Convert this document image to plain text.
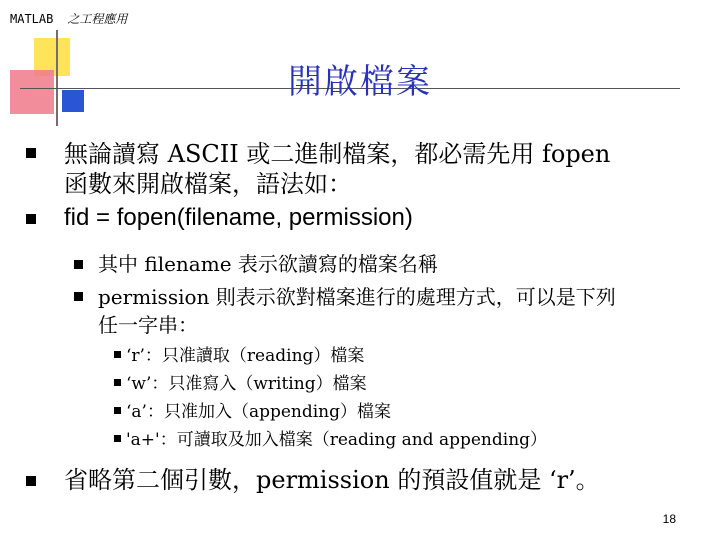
MATLAB 之工程應用
開啟檔案
無論讀寫 ASCII 或二進制檔案，都必需先用 fopen
函數來開啟檔案，語法如：
fid = fopen(filename, permission)
其中 filename 表示欲讀寫的檔案名稱
permission 則表示欲對檔案進行的處理方式，可以是下列
任一字串：
‘r’：只准讀取（reading）檔案
‘w’：只准寫入（writing）檔案
‘a’：只准加入（appending）檔案
'a+'：可讀取及加入檔案（reading and appending）
省略第二個引數，permission 的預設值就是 ‘r’。
18
